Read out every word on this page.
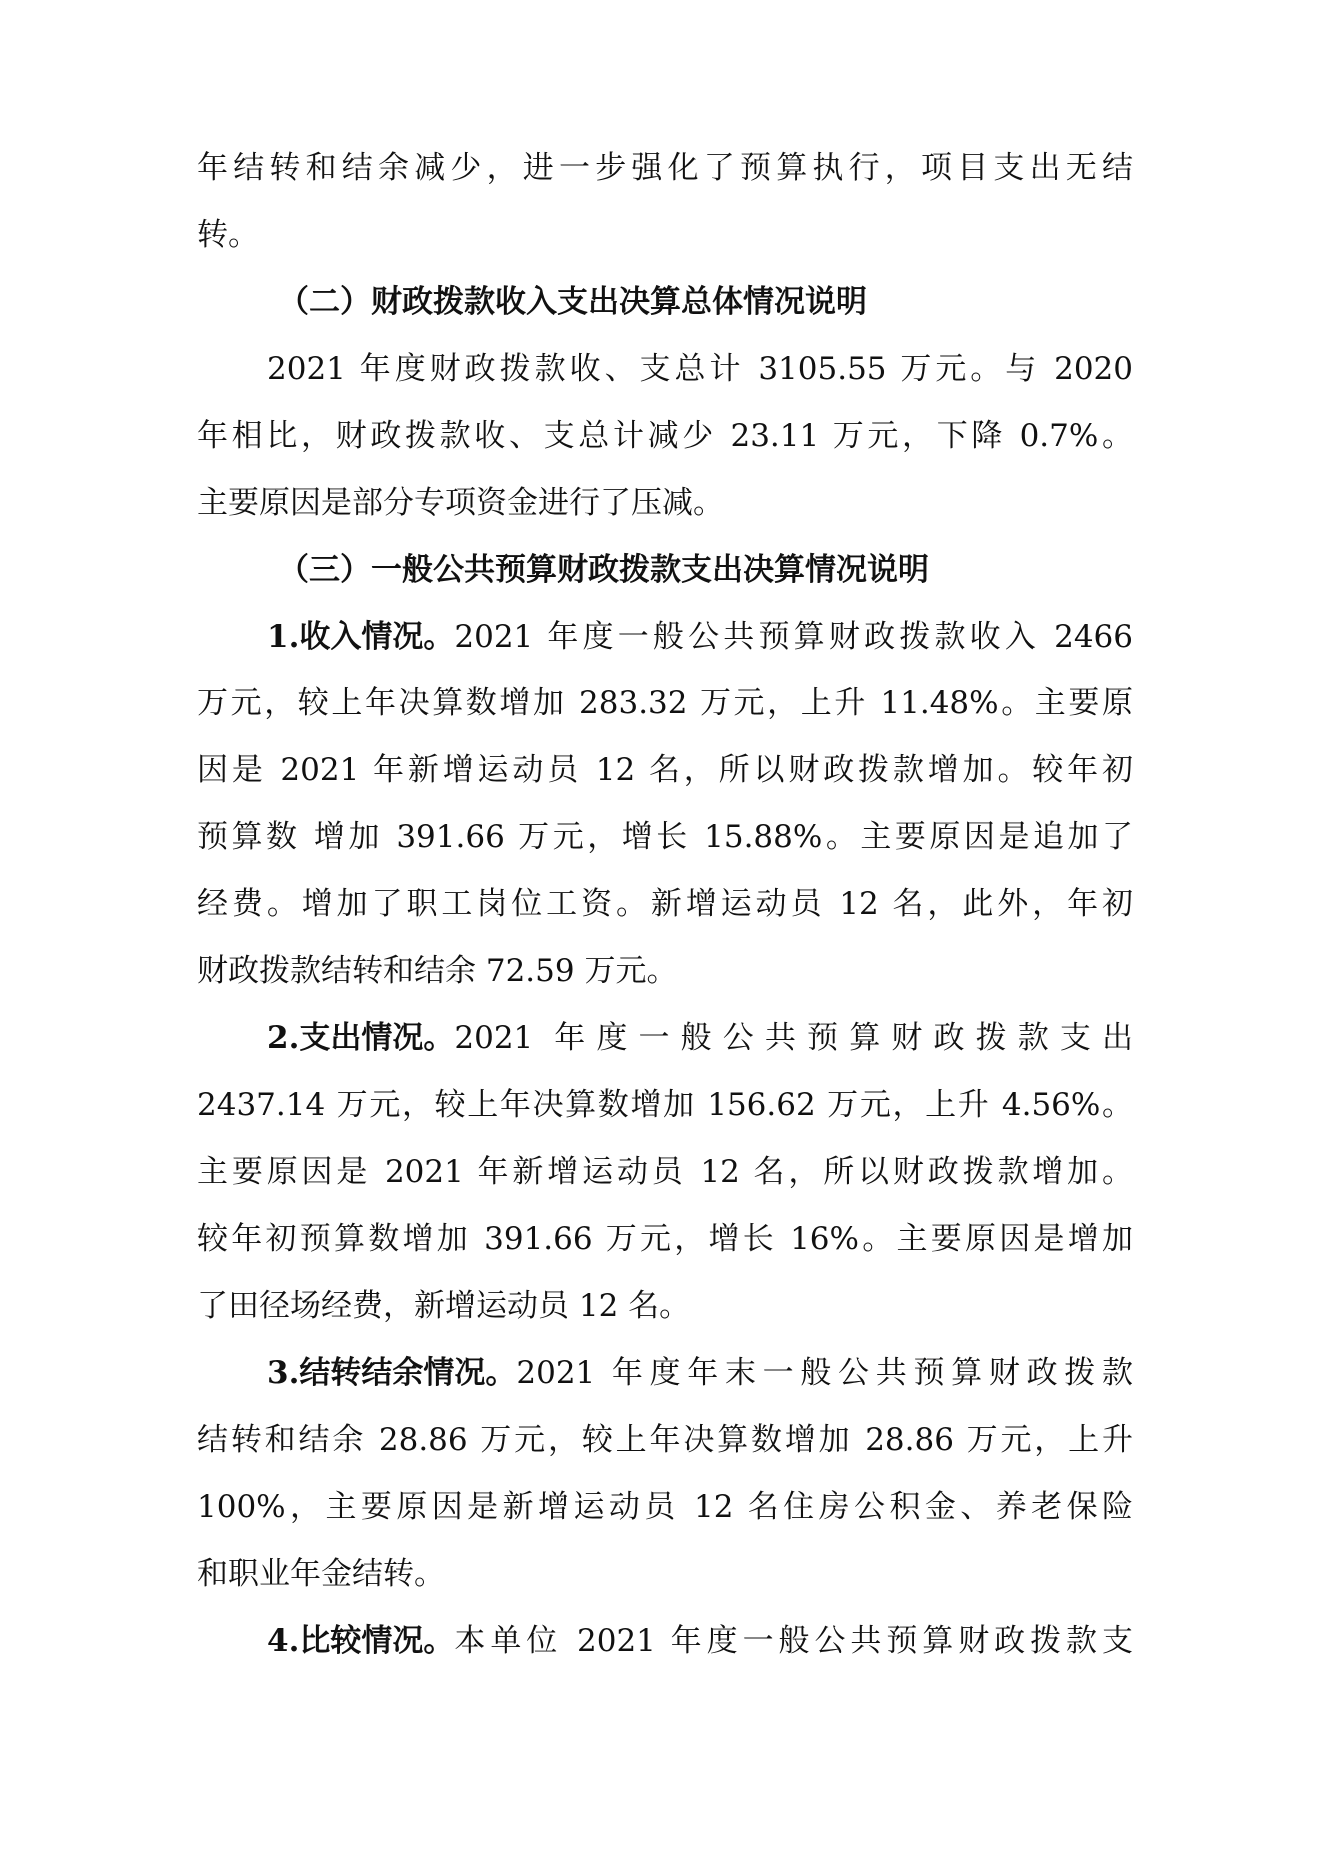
年结转和结余减少，进一步强化了预算执行，项目支出无结
转。
（二）财政拨款收入支出决算总体情况说明
2021 年度财政拨款收、支总计 3105.55 万元。与 2020
年相比，财政拨款收、支总计减少 23.11 万元，下降 0.7%。
主要原因是部分专项资金进行了压减。
（三）一般公共预算财政拨款支出决算情况说明
1.收入情况。 2021 年度一般公共预算财政拨款收入 2466
万元，较上年决算数增加 283.32 万元，上升 11.48%。主要原
因是 2021 年新增运动员 12 名，所以财政拨款增加。较年初
预算数 增加 391.66 万元，增长 15.88%。主要原因是追加了
经费。增加了职工岗位工资。新增运动员 12 名，此外，年初
财政拨款结转和结余 72.59 万元。
2.支出情况。 2021 年度一般公共预算财政拨款支出
2437.14 万元，较上年决算数增加 156.62 万元，上升 4.56%。
主要原因是 2021 年新增运动员 12 名，所以财政拨款增加。
较年初预算数增加 391.66 万元，增长 16%。主要原因是增加
了田径场经费，新增运动员 12 名。
3.结转结余情况。 2021 年度年末一般公共预算财政拨款
结转和结余 28.86 万元，较上年决算数增加 28.86 万元，上升
100%，主要原因是新增运动员 12 名住房公积金、养老保险
和职业年金结转。
4.比较情况。 本单位 2021 年度一般公共预算财政拨款支
